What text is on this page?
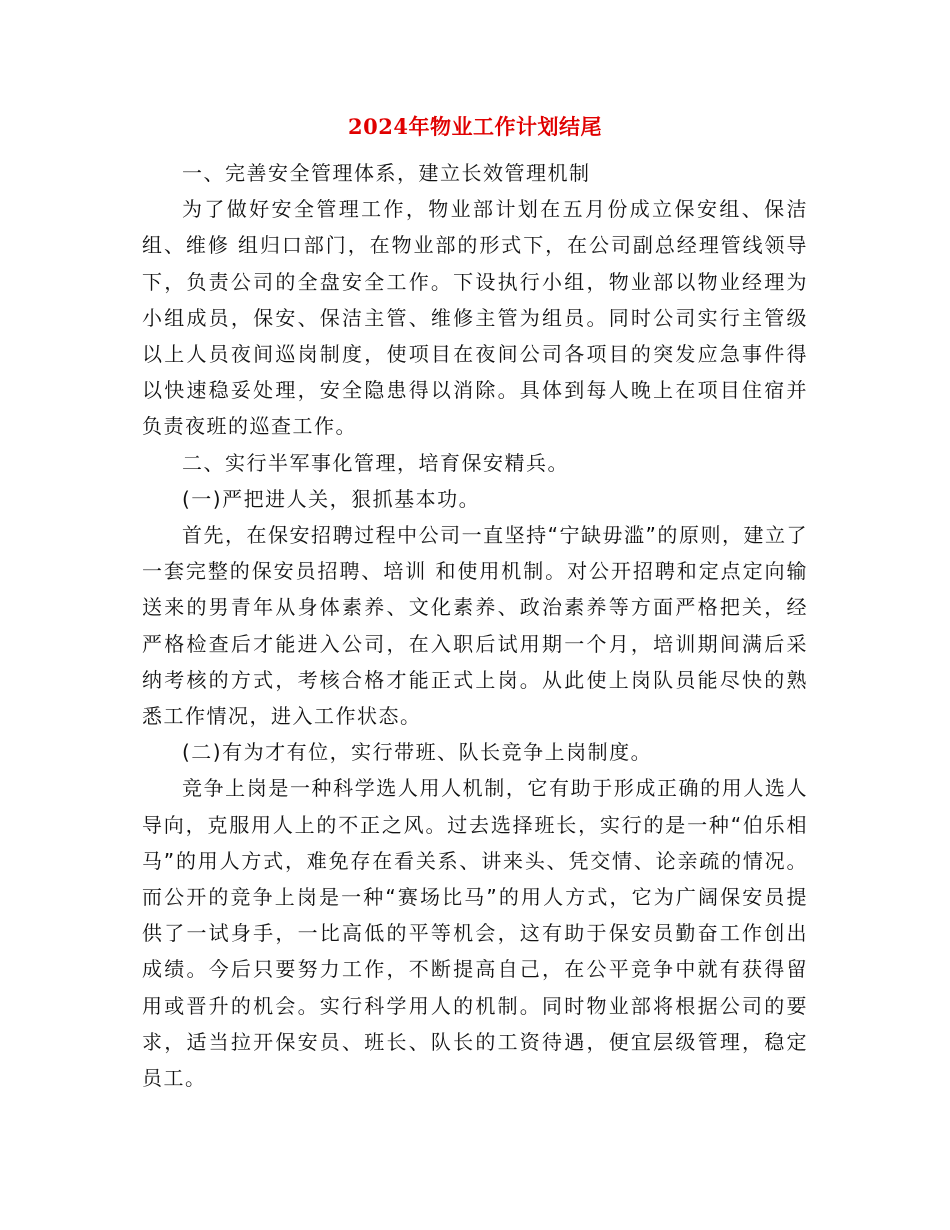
2024年物业工作计划结尾

一、完善安全管理体系，建立长效管理机制

为了做好安全管理工作，物业部计划在五月份成立保安组、保洁组、维修 组归口部门，在物业部的形式下，在公司副总经理管线领导下，负责公司的全盘安全工作。下设执行小组，物业部以物业经理为小组成员，保安、保洁主管、维修主管为组员。同时公司实行主管级以上人员夜间巡岗制度，使项目在夜间公司各项目的突发应急事件得以快速稳妥处理，安全隐患得以消除。具体到每人晚上在项目住宿并负责夜班的巡查工作。

二、实行半军事化管理，培育保安精兵。

(一)严把进人关，狠抓基本功。

首先，在保安招聘过程中公司一直坚持“宁缺毋滥”的原则，建立了一套完整的保安员招聘、培训 和使用机制。对公开招聘和定点定向输送来的男青年从身体素养、文化素养、政治素养等方面严格把关，经严格检查后才能进入公司，在入职后试用期一个月，培训期间满后采纳考核的方式，考核合格才能正式上岗。从此使上岗队员能尽快的熟悉工作情况，进入工作状态。

(二)有为才有位，实行带班、队长竞争上岗制度。

竞争上岗是一种科学选人用人机制，它有助于形成正确的用人选人导向，克服用人上的不正之风。过去选择班长，实行的是一种“伯乐相马”的用人方式，难免存在看关系、讲来头、凭交情、论亲疏的情况。而公开的竞争上岗是一种“赛场比马”的用人方式，它为广阔保安员提供了一试身手，一比高低的平等机会，这有助于保安员勤奋工作创出成绩。今后只要努力工作，不断提高自己，在公平竞争中就有获得留用或晋升的机会。实行科学用人的机制。同时物业部将根据公司的要求，适当拉开保安员、班长、队长的工资待遇，便宜层级管理，稳定员工。
